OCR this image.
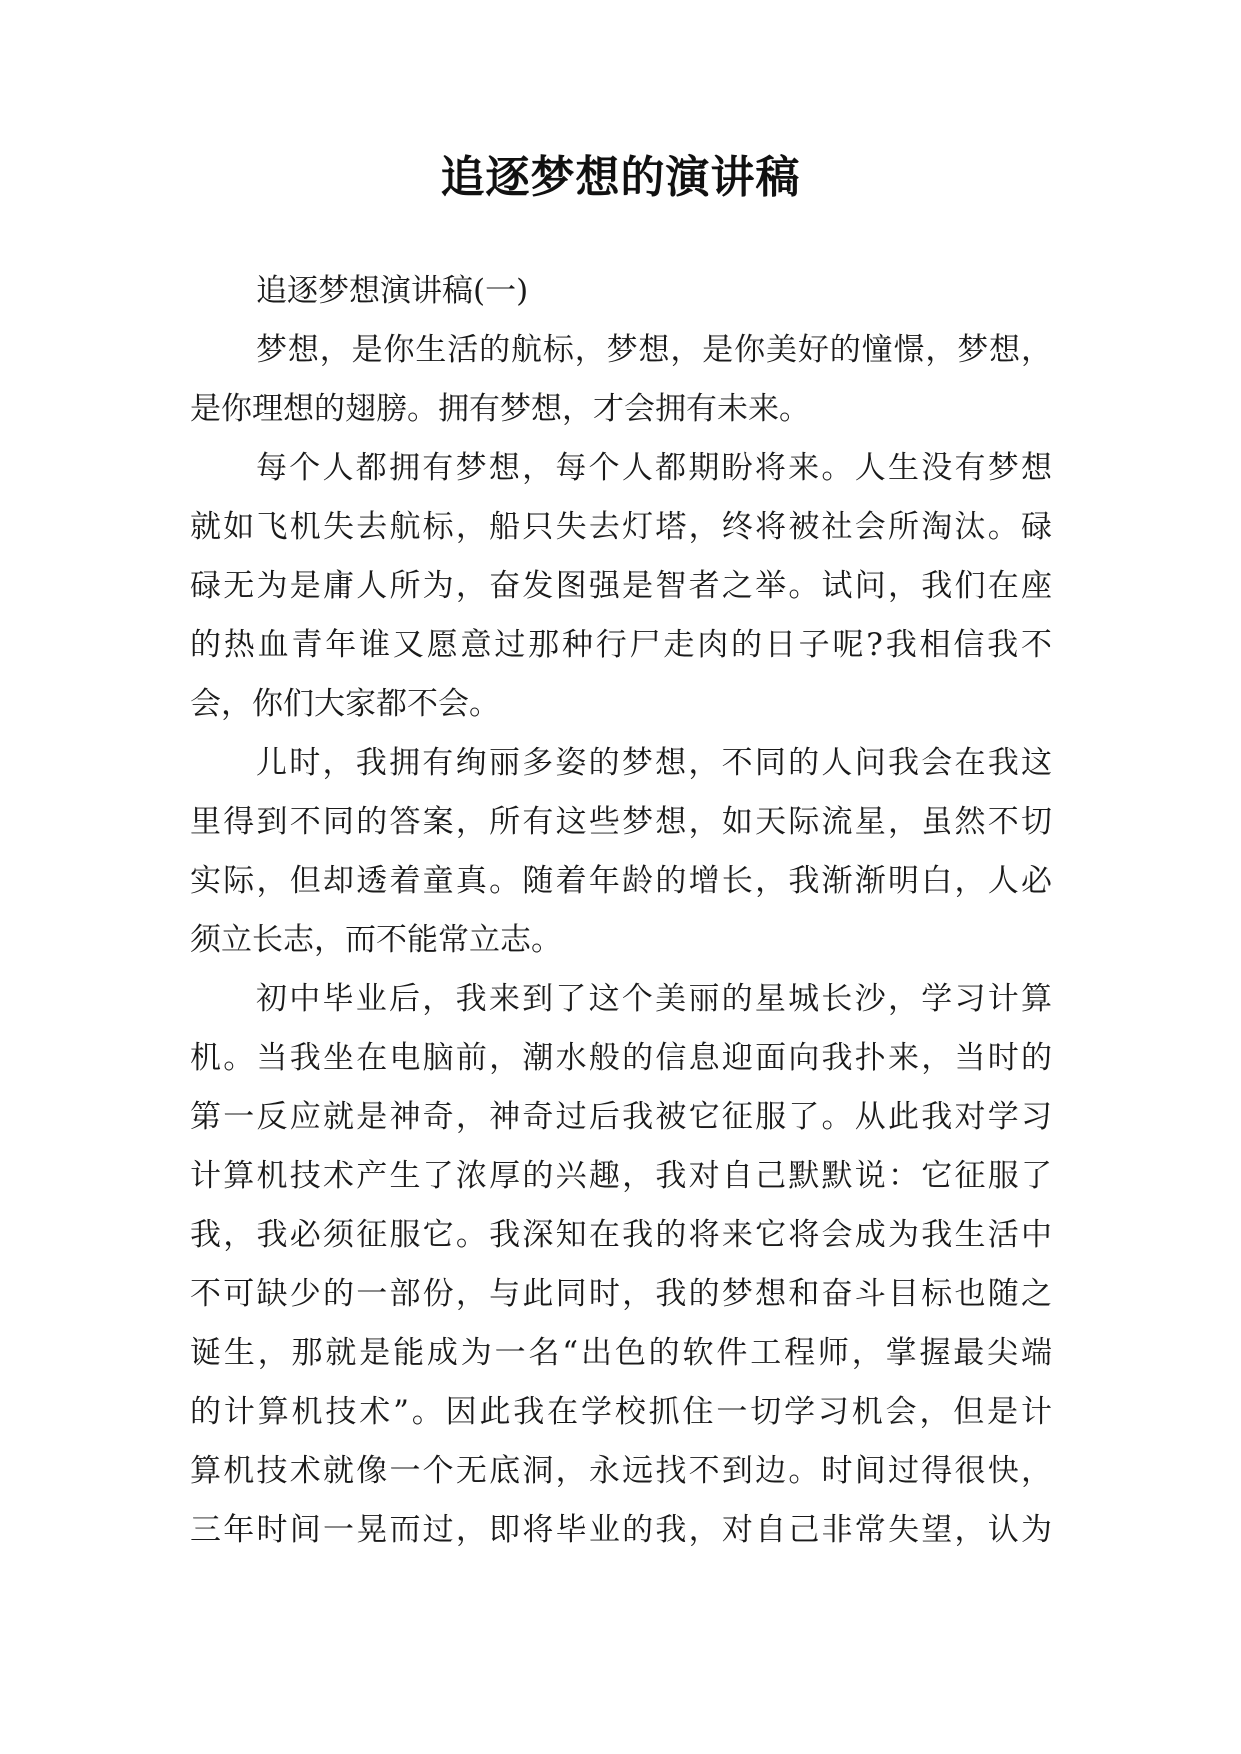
追逐梦想的演讲稿
追逐梦想演讲稿(一)
梦想，是你生活的航标，梦想，是你美好的憧憬，梦想，
是你理想的翅膀。拥有梦想，才会拥有未来。
每个人都拥有梦想，每个人都期盼将来。人生没有梦想
就如飞机失去航标，船只失去灯塔，终将被社会所淘汰。碌
碌无为是庸人所为，奋发图强是智者之举。试问，我们在座
的热血青年谁又愿意过那种行尸走肉的日子呢?我相信我不
会，你们大家都不会。
儿时，我拥有绚丽多姿的梦想，不同的人问我会在我这
里得到不同的答案，所有这些梦想，如天际流星，虽然不切
实际，但却透着童真。随着年龄的增长，我渐渐明白，人必
须立长志，而不能常立志。
初中毕业后，我来到了这个美丽的星城长沙，学习计算
机。当我坐在电脑前，潮水般的信息迎面向我扑来，当时的
第一反应就是神奇，神奇过后我被它征服了。从此我对学习
计算机技术产生了浓厚的兴趣，我对自己默默说：它征服了
我，我必须征服它。我深知在我的将来它将会成为我生活中
不可缺少的一部份，与此同时，我的梦想和奋斗目标也随之
诞生，那就是能成为一名“出色的软件工程师，掌握最尖端
的计算机技术”。因此我在学校抓住一切学习机会，但是计
算机技术就像一个无底洞，永远找不到边。时间过得很快，
三年时间一晃而过，即将毕业的我，对自己非常失望，认为
